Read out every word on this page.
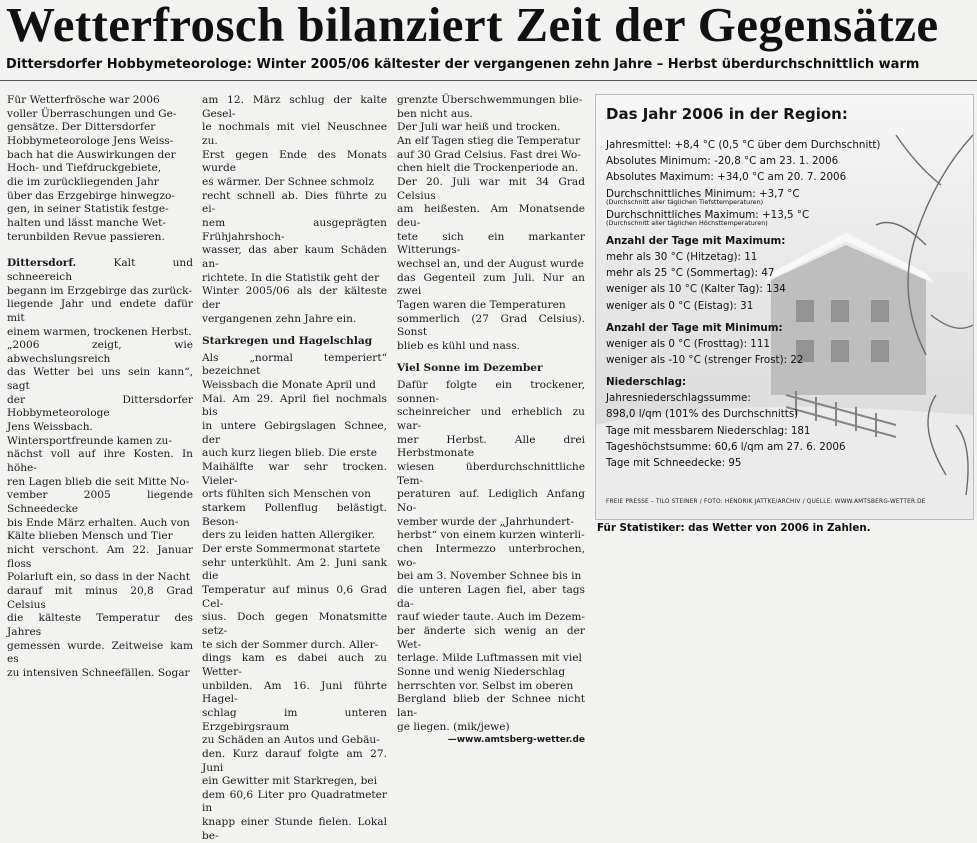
Wetterfrosch bilanziert Zeit der Gegensätze
Dittersdorfer Hobbymeteorologe: Winter 2005/06 kältester der vergangenen zehn Jahre – Herbst überdurchschnittlich warm

Für Wetterfrösche war 2006
voller Überraschungen und Ge-
gensätze. Der Dittersdorfer
Hobbymeteorologe Jens Weiss-
bach hat die Auswirkungen der
Hoch- und Tiefdruckgebiete,
die im zurückliegenden Jahr
über das Erzgebirge hinwegzo-
gen, in seiner Statistik festge-
halten und lässt manche Wet-
terunbilden Revue passieren.

Dittersdorf.	Kalt und schneereich
begann im Erzgebirge das zurück-
liegende Jahr und endete dafür mit
einem warmen, trockenen Herbst.
„2006 zeigt, wie abwechslungsreich
das Wetter bei uns sein kann“, sagt
der Dittersdorfer Hobbymeteorologe
Jens Weissbach.

Wintersportfreunde kamen zu-
nächst voll auf ihre Kosten. In höhe-
ren Lagen blieb die seit Mitte No-
vember 2005 liegende Schneedecke
bis Ende März erhalten. Auch von
Kälte blieben Mensch und Tier
nicht verschont. Am 22. Januar floss
Polarluft ein, so dass in der Nacht
darauf mit minus 20,8 Grad Celsius
die kälteste Temperatur des Jahres
gemessen wurde. Zeitweise kam es
zu intensiven Schneefällen. Sogar

am 12. März schlug der kalte Gesel-
le nochmals mit viel Neuschnee zu.
Erst gegen Ende des Monats wurde
es wärmer. Der Schnee schmolz
recht schnell ab. Dies führte zu ei-
nem ausgeprägten Frühjahrshoch-
wasser, das aber kaum Schäden an-
richtete. In die Statistik geht der
Winter 2005/06 als der kälteste der
vergangenen zehn Jahre ein.

Starkregen und Hagelschlag

Als „normal temperiert“ bezeichnet
Weissbach die Monate April und
Mai. Am 29. April fiel nochmals bis
in untere Gebirgslagen Schnee, der
auch kurz liegen blieb. Die erste
Maihälfte war sehr trocken. Vieler-
orts fühlten sich Menschen von
starkem Pollenflug belästigt. Beson-
ders zu leiden hatten Allergiker.

Der erste Sommermonat startete
sehr unterkühlt. Am 2. Juni sank die
Temperatur auf minus 0,6 Grad Cel-
sius. Doch gegen Monatsmitte setz-
te sich der Sommer durch. Aller-
dings kam es dabei auch zu Wetter-
unbilden. Am 16. Juni führte Hagel-
schlag im unteren Erzgebirgsraum
zu Schäden an Autos und Gebäu-
den. Kurz darauf folgte am 27. Juni
ein Gewitter mit Starkregen, bei
dem 60,6 Liter pro Quadratmeter in
knapp einer Stunde fielen. Lokal be-

grenzte Überschwemmungen blie-
ben nicht aus.

Der Juli war heiß und trocken.
An elf Tagen stieg die Temperatur
auf 30 Grad Celsius. Fast drei Wo-
chen hielt die Trockenperiode an.
Der 20. Juli war mit 34 Grad Celsius
am heißesten. Am Monatsende deu-
tete sich ein markanter Witterungs-
wechsel an, und der August wurde
das Gegenteil zum Juli. Nur an zwei
Tagen waren die Temperaturen
sommerlich (27 Grad Celsius). Sonst
blieb es kühl und nass.

Viel Sonne im Dezember

Dafür folgte ein trockener, sonnen-
scheinreicher und erheblich zu war-
mer Herbst. Alle drei Herbstmonate
wiesen überdurchschnittliche Tem-
peraturen auf. Lediglich Anfang No-
vember wurde der „Jahrhundert-
herbst“ von einem kurzen winterli-
chen Intermezzo unterbrochen, wo-
bei am 3. November Schnee bis in
die unteren Lagen fiel, aber tags da-
rauf wieder taute. Auch im Dezem-
ber änderte sich wenig an der Wet-
terlage. Milde Luftmassen mit viel
Sonne und wenig Niederschlag
herrschten vor. Selbst im oberen
Bergland blieb der Schnee nicht lan-
ge liegen. (mik/jewe)

—www.amtsberg-wetter.de

Das Jahr 2006 in der Region:
Jahresmittel: +8,4 °C (0,5 °C über dem Durchschnitt)
Absolutes Minimum: -20,8 °C am 23. 1. 2006
Absolutes Maximum: +34,0 °C am 20. 7. 2006
Durchschnittliches Minimum: +3,7 °C
(Durchschnitt aller täglichen Tiefsttemperaturen)
Durchschnittliches Maximum: +13,5 °C
(Durchschnitt aller täglichen Höchsttemperaturen)
Anzahl der Tage mit Maximum:
mehr als 30 °C (Hitzetag): 11
mehr als 25 °C (Sommertag): 47
weniger als 10 °C (Kalter Tag): 134
weniger als 0 °C (Eistag): 31
Anzahl der Tage mit Minimum:
weniger als 0 °C (Frosttag): 111
weniger als -10 °C (strenger Frost): 22
Niederschlag:
Jahresniederschlagssumme:
898,0 l/qm (101% des Durchschnitts)
Tage mit messbarem Niederschlag: 181
Tageshöchstsumme: 60,6 l/qm am 27. 6. 2006
Tage mit Schneedecke: 95
FREIE PRESSE – TILO STEINER / FOTO: HENDRIK JATTKE/ARCHIV / QUELLE: WWW.AMTSBERG-WETTER.DE
Für Statistiker: das Wetter von 2006 in Zahlen.
